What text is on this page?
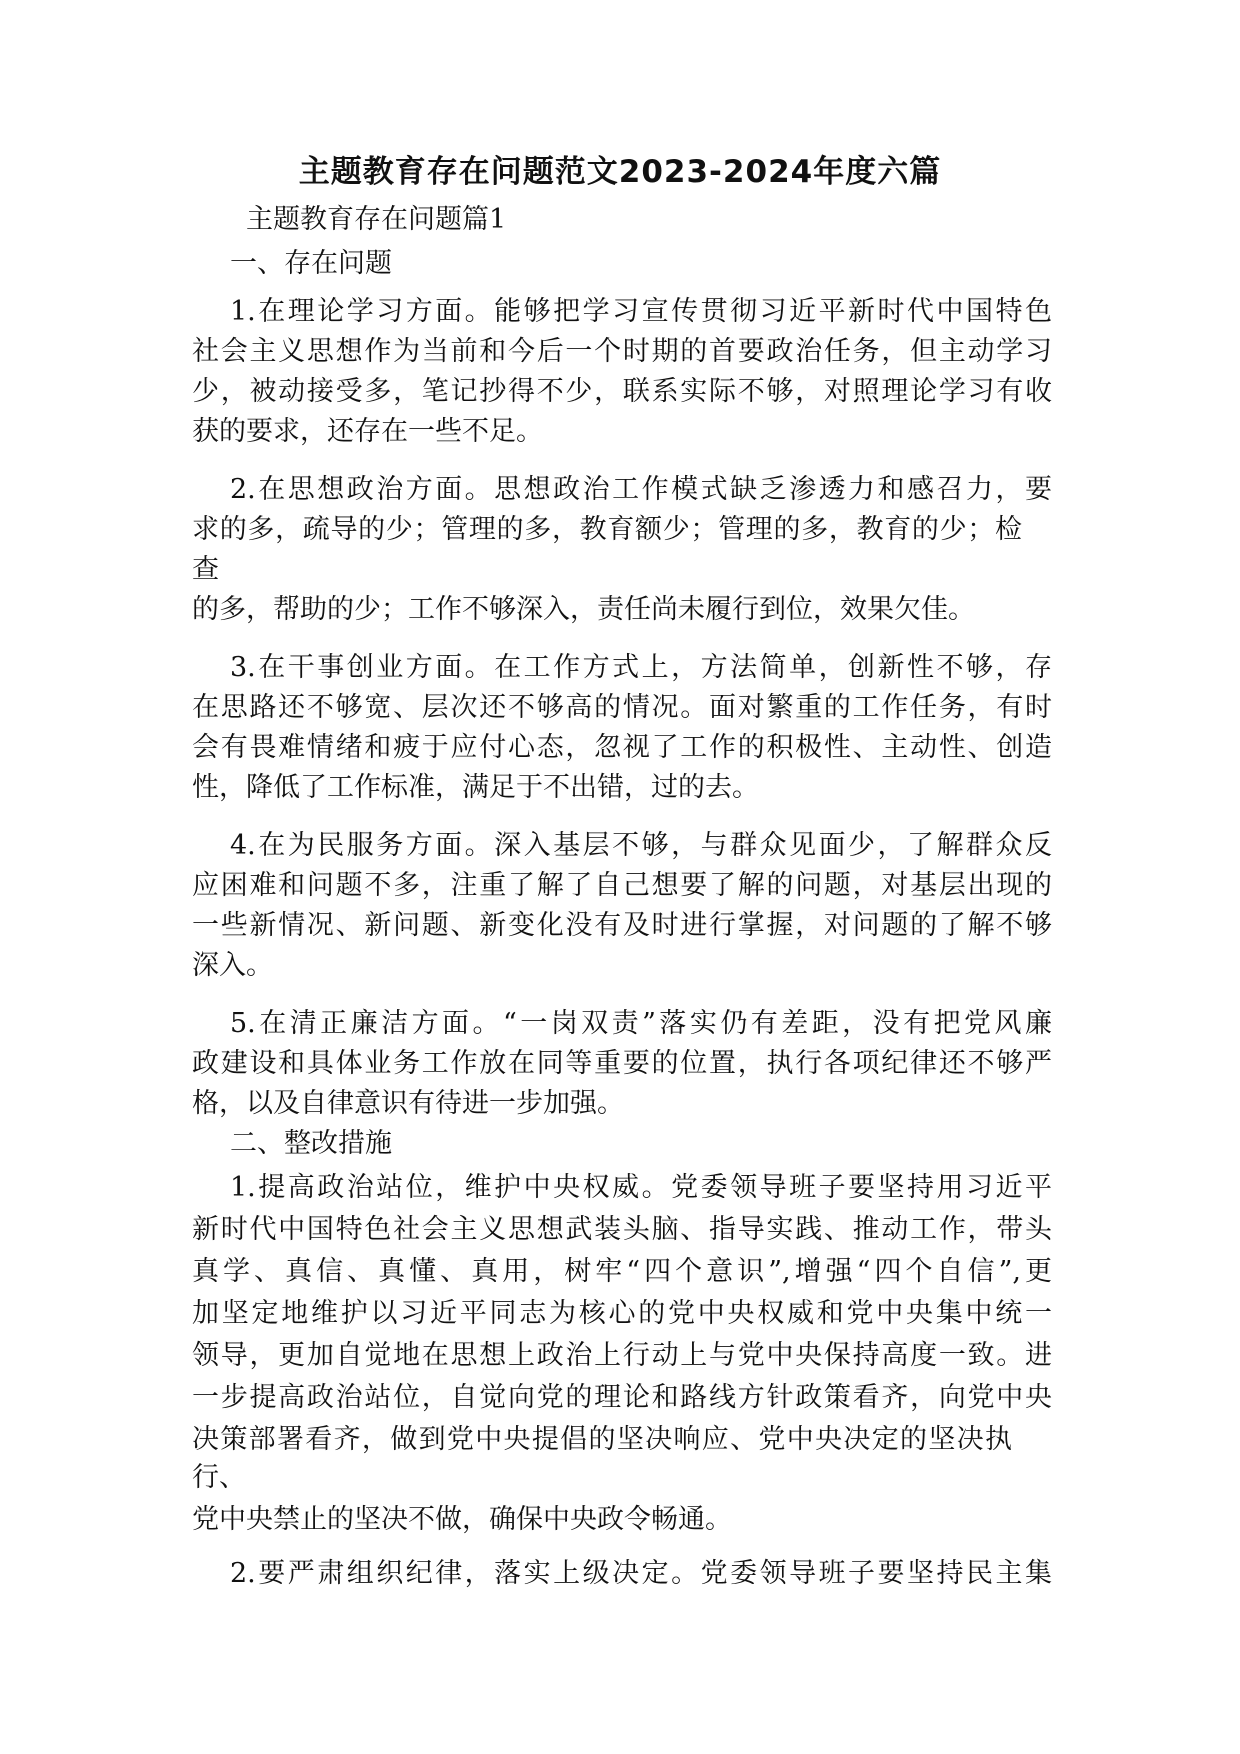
主题教育存在问题范文2023-2024年度六篇

主题教育存在问题篇1

一、存在问题

1.在理论学习方面。能够把学习宣传贯彻习近平新时代中国特色

社会主义思想作为当前和今后一个时期的首要政治任务，但主动学习

少，被动接受多，笔记抄得不少，联系实际不够，对照理论学习有收

获的要求，还存在一些不足。

2.在思想政治方面。思想政治工作模式缺乏渗透力和感召力，要

求的多，疏导的少；管理的多，教育额少；管理的多，教育的少；检

查

的多，帮助的少；工作不够深入，责任尚未履行到位，效果欠佳。

3.在干事创业方面。在工作方式上，方法简单，创新性不够，存

在思路还不够宽、层次还不够高的情况。面对繁重的工作任务，有时

会有畏难情绪和疲于应付心态，忽视了工作的积极性、主动性、创造

性，降低了工作标准，满足于不出错，过的去。

4.在为民服务方面。深入基层不够，与群众见面少，了解群众反

应困难和问题不多，注重了解了自己想要了解的问题，对基层出现的

一些新情况、新问题、新变化没有及时进行掌握，对问题的了解不够

深入。

5.在清正廉洁方面。“一岗双责”落实仍有差距，没有把党风廉

政建设和具体业务工作放在同等重要的位置，执行各项纪律还不够严

格，以及自律意识有待进一步加强。

二、整改措施

1.提高政治站位，维护中央权威。党委领导班子要坚持用习近平

新时代中国特色社会主义思想武装头脑、指导实践、推动工作，带头

真学、真信、真懂、真用，树牢“四个意识”,增强“四个自信”,更

加坚定地维护以习近平同志为核心的党中央权威和党中央集中统一

领导，更加自觉地在思想上政治上行动上与党中央保持高度一致。进

一步提高政治站位，自觉向党的理论和路线方针政策看齐，向党中央

决策部署看齐，做到党中央提倡的坚决响应、党中央决定的坚决执

行、

党中央禁止的坚决不做，确保中央政令畅通。

2.要严肃组织纪律，落实上级决定。党委领导班子要坚持民主集
